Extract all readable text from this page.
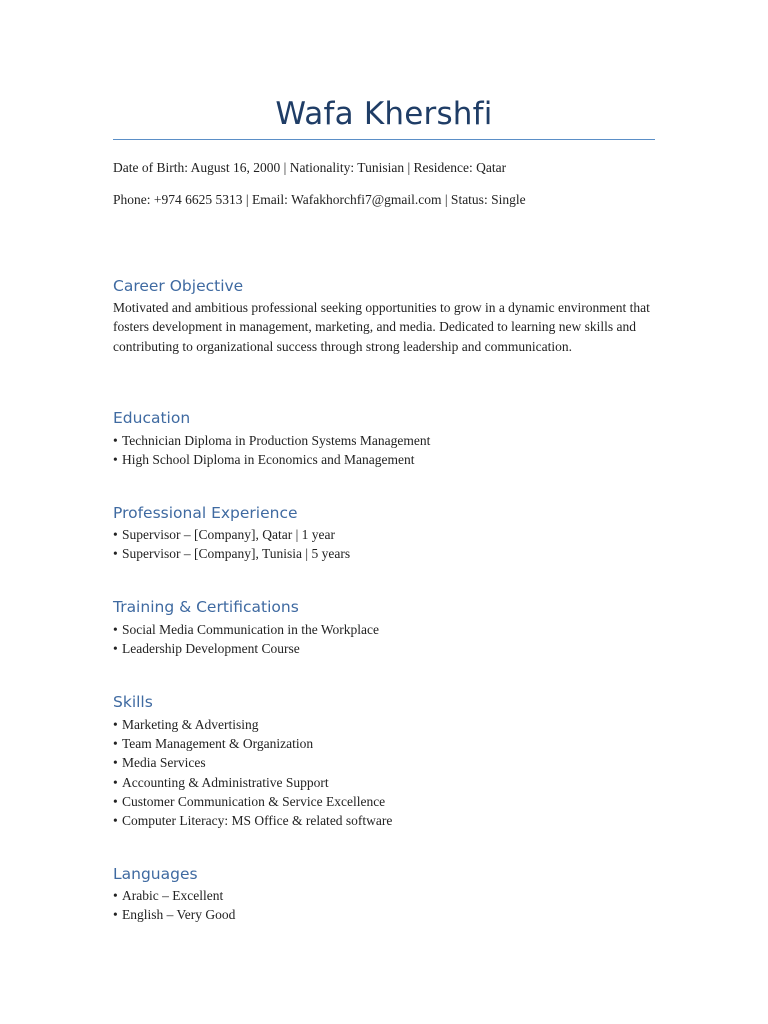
Wafa Khershfi
Date of Birth: August 16, 2000 | Nationality: Tunisian | Residence: Qatar
Phone: +974 6625 5313 | Email: Wafakhorchfi7@gmail.com | Status: Single
Career Objective
Motivated and ambitious professional seeking opportunities to grow in a dynamic environment that fosters development in management, marketing, and media. Dedicated to learning new skills and contributing to organizational success through strong leadership and communication.
Education
• Technician Diploma in Production Systems Management
• High School Diploma in Economics and Management
Professional Experience
• Supervisor – [Company], Qatar | 1 year
• Supervisor – [Company], Tunisia | 5 years
Training & Certifications
• Social Media Communication in the Workplace
• Leadership Development Course
Skills
• Marketing & Advertising
• Team Management & Organization
• Media Services
• Accounting & Administrative Support
• Customer Communication & Service Excellence
• Computer Literacy: MS Office & related software
Languages
• Arabic – Excellent
• English – Very Good
